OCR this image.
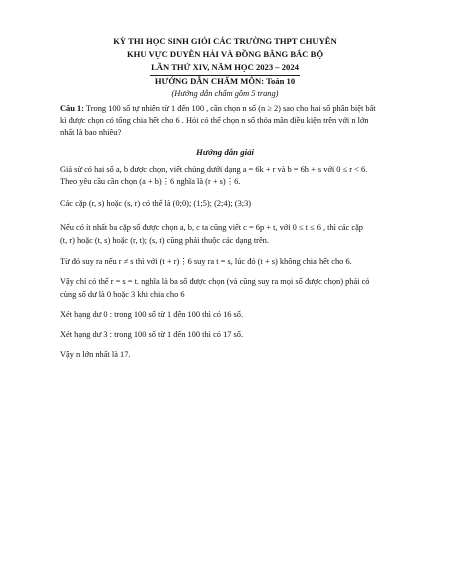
KỲ THI HỌC SINH GIỎI CÁC TRƯỜNG THPT CHUYÊN
KHU VỰC DUYÊN HẢI VÀ ĐỒNG BẰNG BẮC BỘ
LẦN THỨ XIV, NĂM HỌC 2023 – 2024
HƯỚNG DẪN CHẤM MÔN: Toán 10
(Hướng dẫn chấm gồm 5 trang)
Câu 1: Trong 100 số tự nhiên từ 1 đến 100 , cần chọn n số (n ≥ 2) sao cho hai số phân biệt bất
kì được chọn có tổng chia hết cho 6 . Hỏi có thể chọn n số thỏa mãn điều kiện trên với n lớn
nhất là bao nhiêu?
Hướng dẫn giải
Giả sử có hai số a, b được chọn, viết chúng dưới dạng a = 6k + r và b = 6h + s với 0 ≤ r < 6.
Theo yêu cầu cần chọn (a + b)⋮6 nghĩa là (r + s)⋮6.
Các cặp (r, s) hoặc (s, r) có thể là (0;0); (1;5); (2;4); (3;3)
Nếu có ít nhất ba cặp số được chọn a, b, c ta cũng viết c = 6p + t, với 0 ≤ t ≤ 6 , thì các cặp
(t, r) hoặc (t, s) hoặc (r, t); (s, t) cũng phải thuộc các dạng trên.
Từ đó suy ra nếu r ≠ s thì với (t + r)⋮6 suy ra t = s, lúc đó (t + s) không chia hết cho 6.
Vậy chỉ có thể r = s = t. nghĩa là ba số được chọn (và cũng suy ra mọi số được chọn) phải có
cùng số dư là 0 hoặc 3 khi chia cho 6
Xét hạng dư 0 : trong 100 số từ 1 đến 100 thì có 16 số.
Xét hạng dư 3 : trong 100 số từ 1 đến 100 thì có 17 số.
Vậy n lớn nhất là 17.
